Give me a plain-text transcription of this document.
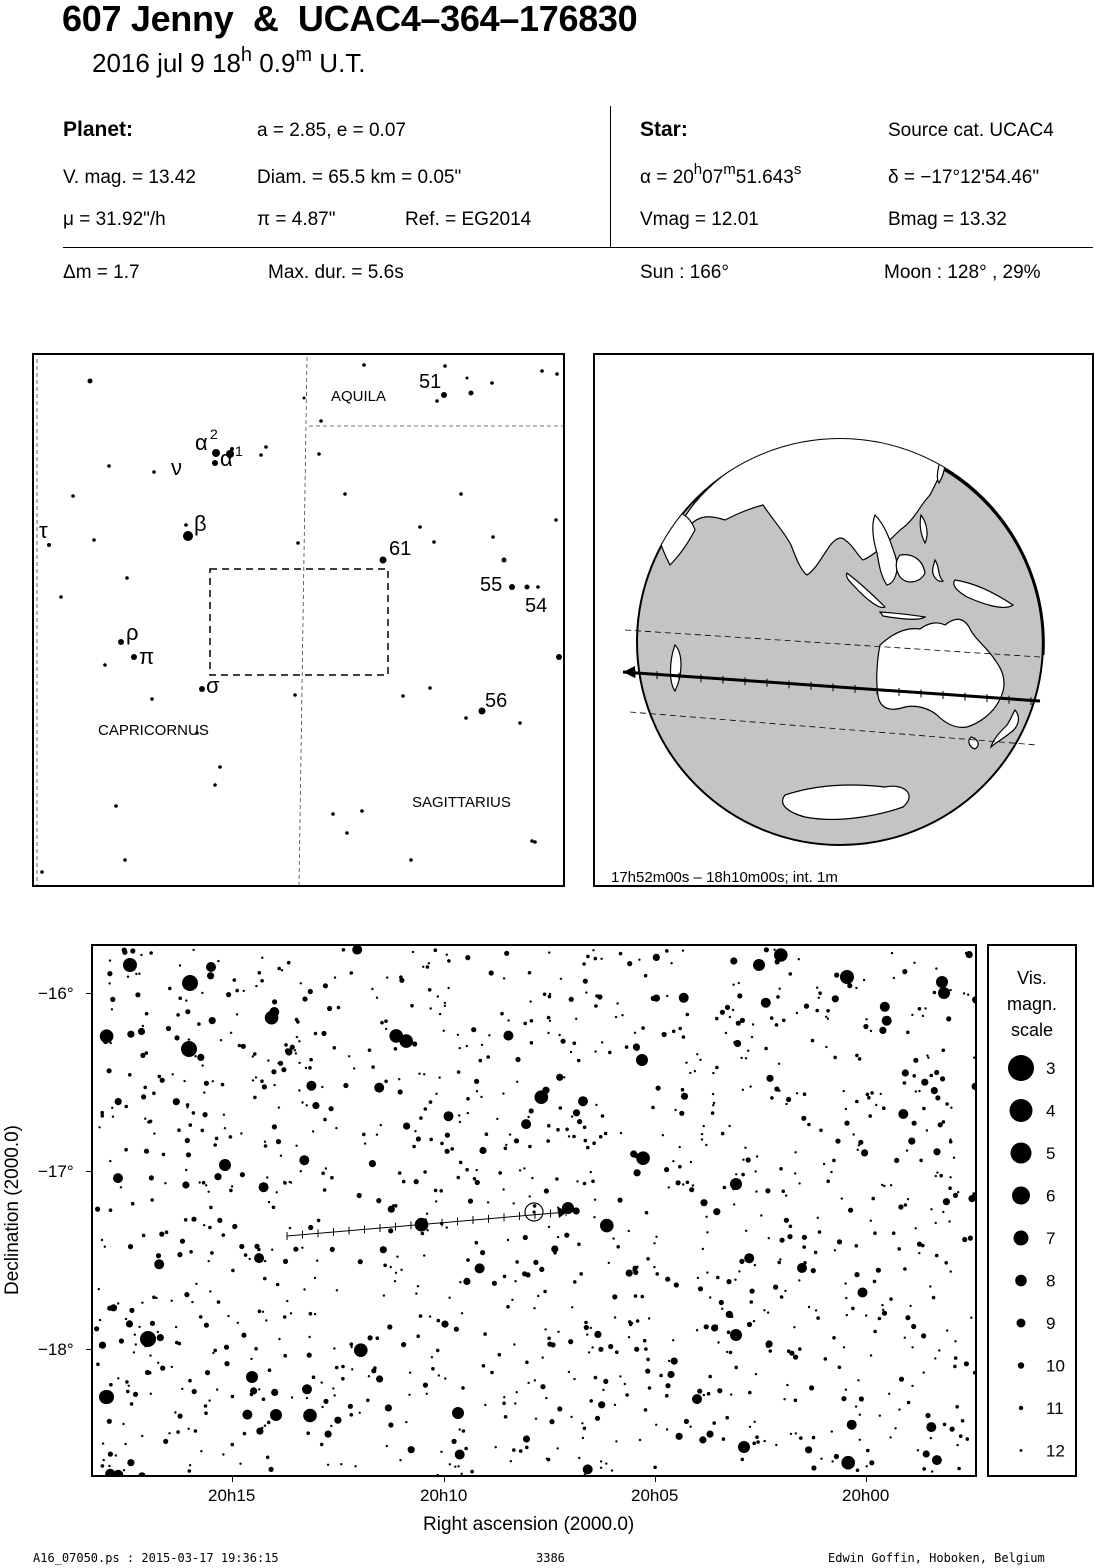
607 Jenny  &  UCAC4–364–176830
2016 jul 9 18$^h$ 0.9$^m$ U.T.
Planet:	a = 2.85, e = 0.07
V. mag. = 13.42	Diam. = 65.5 km = 0.05"
μ = 31.92"/h	π = 4.87"	Ref. = EG2014
Star:	Source cat. UCAC4
$\alpha = 20^h07^m51.643^s$	δ = −17°12'54.46"
Vmag = 12.01	Bmag = 13.32
Δm = 1.7	Max. dur. = 5.6s	Sun : 166°	Moon : 128° , 29%
AQUILA
CAPRICORNUS
SAGITTARIUS
51
61
55
54
56
τ
ν
α 2
α 1
β
ρ
π
σ
17h52m00s – 18h10m00s; int. 1m
−16°
−17°
−18°
20h15	20h10	20h05	20h00
Right ascension (2000.0)
Declination (2000.0)
Vis.
magn.
scale
3
4
5
6
7
8
9
10
11
12
A16_07050.ps : 2015-03-17 19:36:15	3386	Edwin Goffin, Hoboken, Belgium
